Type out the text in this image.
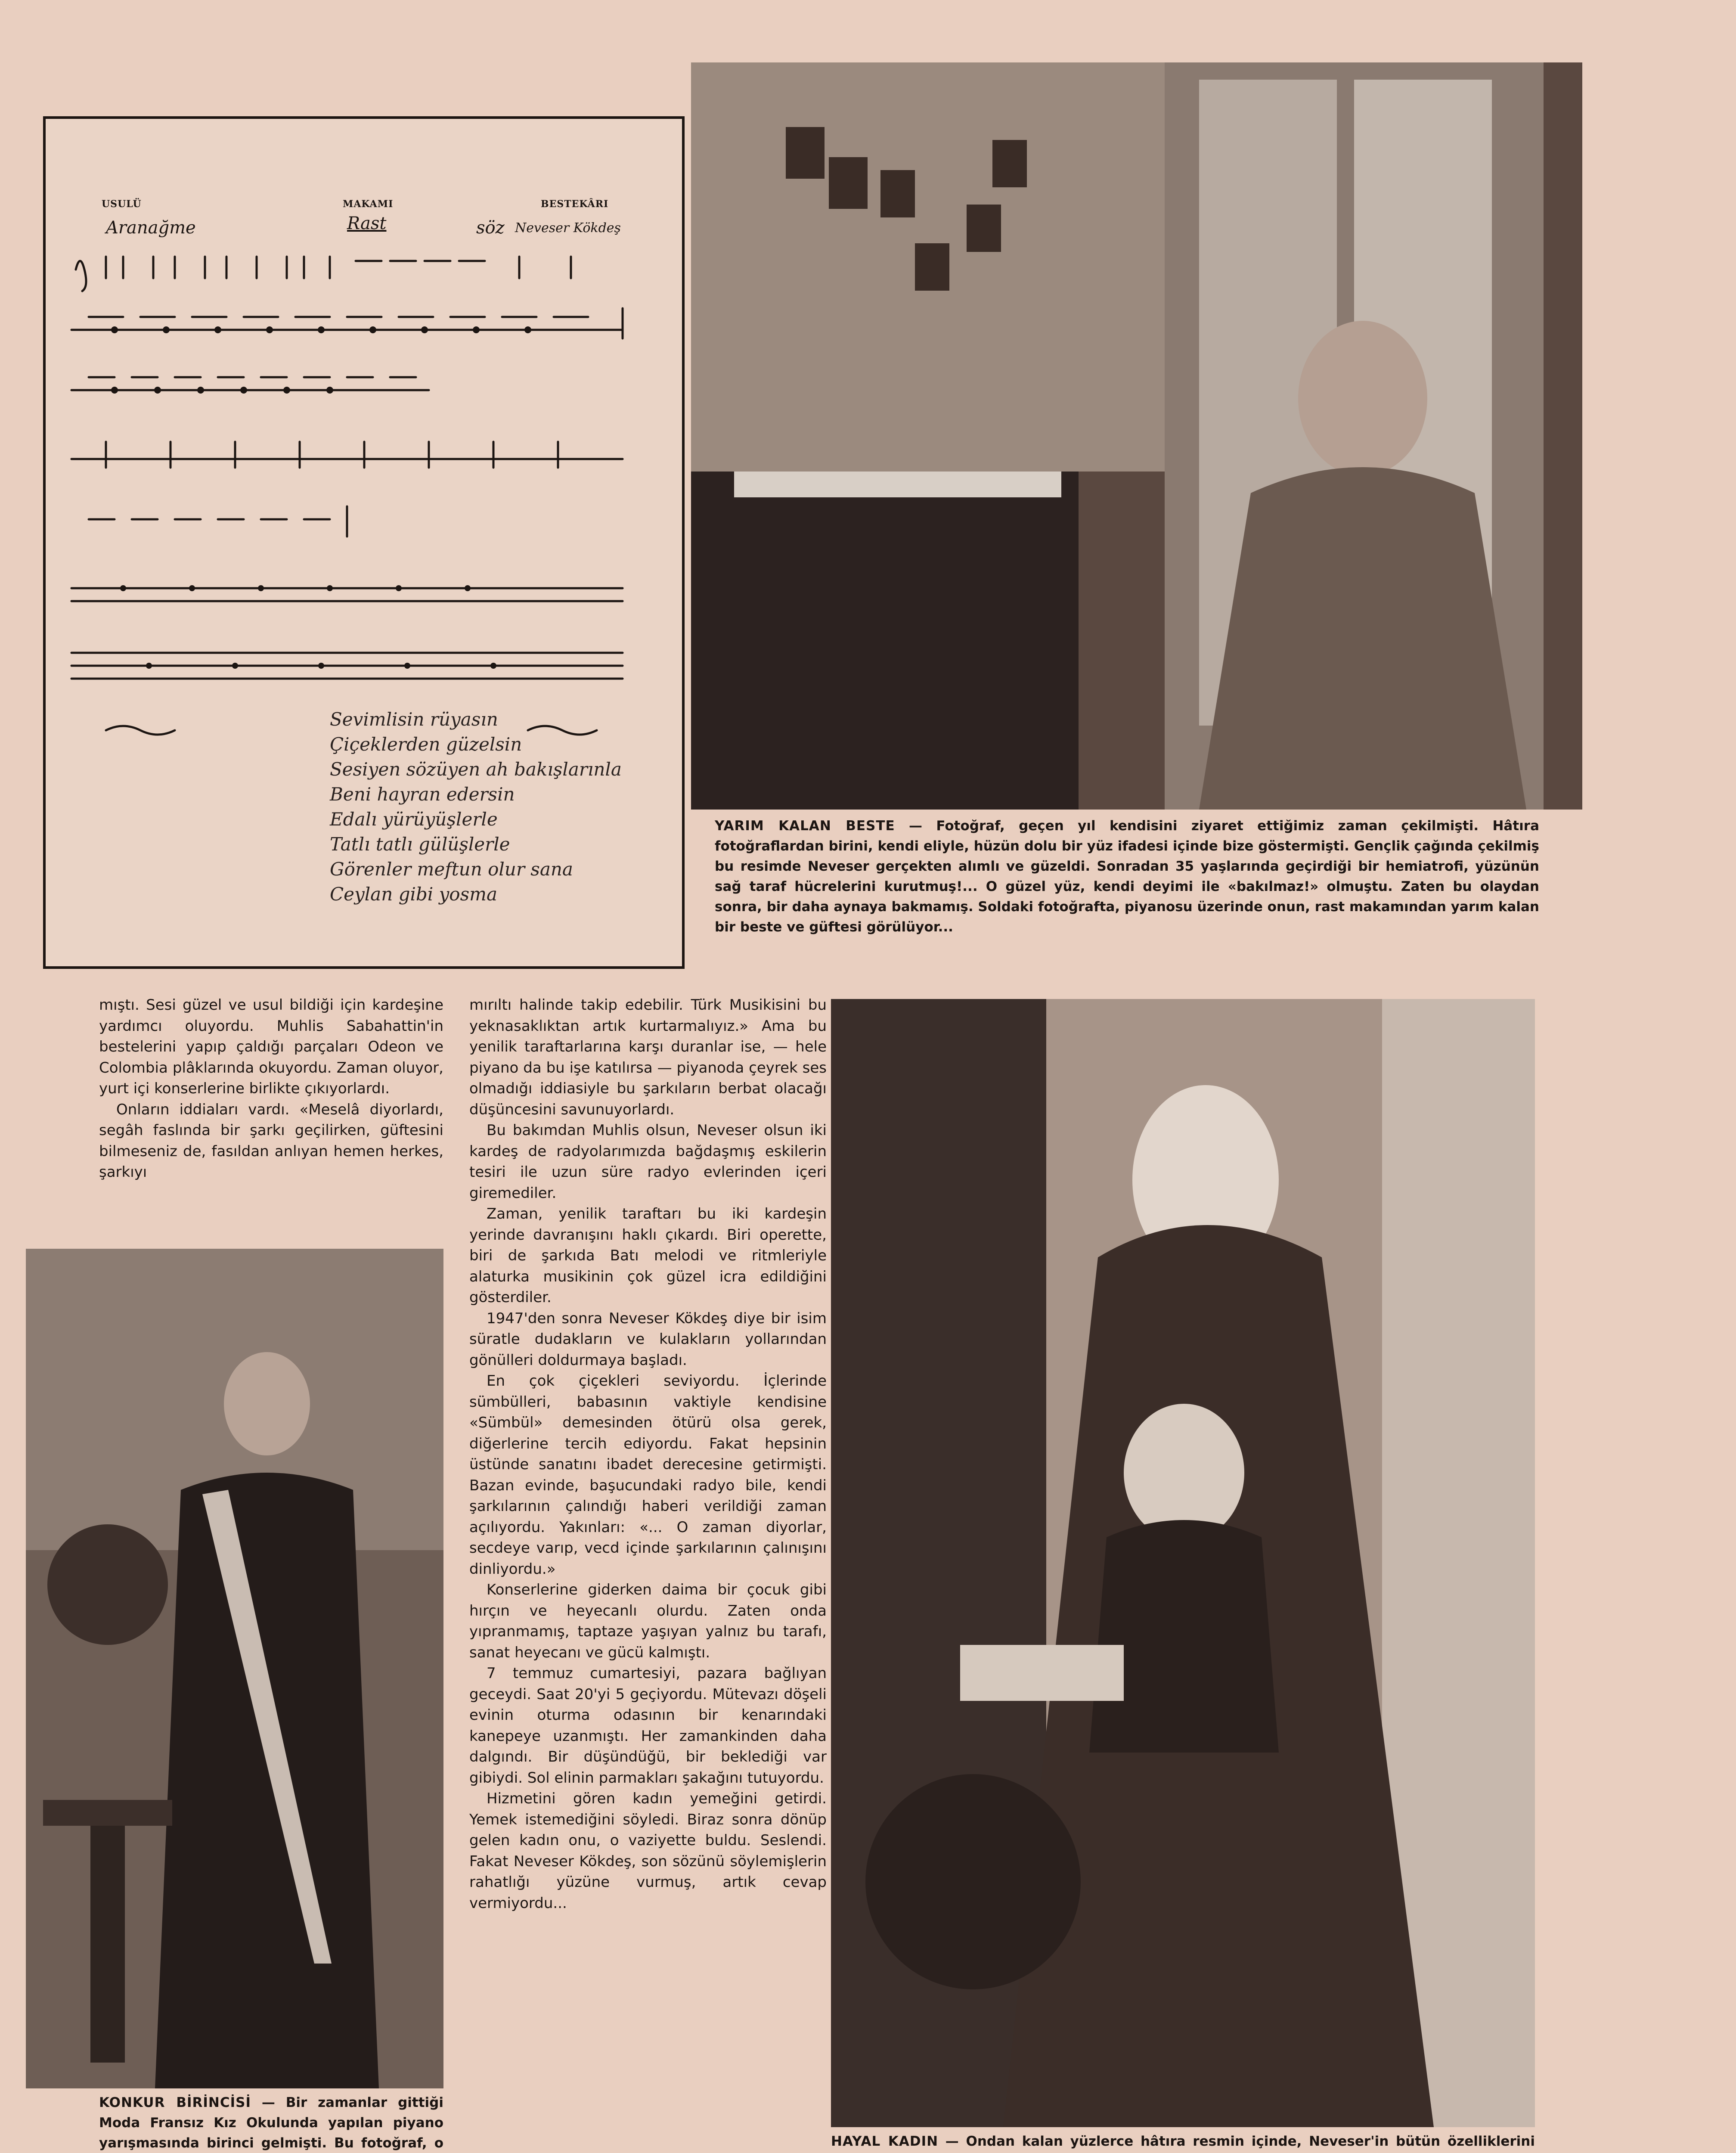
USULÜ	MAKAMI	BESTEKÂRI
Aranağme	Rast	söz Neveser Kökdeş
Sevimlisin rüyasın
Çiçeklerden güzelsin
Sesiyen sözüyen ah bakışlarınla
Beni hayran edersin
Edalı yürüyüşlerle
Tatlı tatlı gülüşlerle
Görenler meftun olur sana
Ceylan gibi yosma
YARIM KALAN BESTE — Fotoğraf, geçen yıl kendisini ziyaret ettiğimiz zaman çekilmişti. Hâtıra fotoğraflardan birini, kendi eliyle, hüzün dolu bir yüz ifadesi içinde bize göstermişti. Gençlik çağında çekilmiş bu resimde Neveser gerçekten alımlı ve güzeldi. Sonradan 35 yaşlarında geçirdiği bir hemiatrofi, yüzünün sağ taraf hücrelerini kurutmuş!... O güzel yüz, kendi deyimi ile «bakılmaz!» olmuştu. Zaten bu olaydan sonra, bir daha aynaya bakmamış. Soldaki fotoğrafta, piyanosu üzerinde onun, rast makamından yarım kalan bir beste ve güftesi görülüyor...

mıştı. Sesi güzel ve usul bildiği için kardeşine yardımcı oluyordu. Muhlis Sabahattin'in bestelerini yapıp çaldığı parçaları Odeon ve Colombia plâklarında okuyordu. Zaman oluyor, yurt içi konserlerine birlikte çıkıyorlardı.

Onların iddiaları vardı. «Meselâ diyorlardı, segâh faslında bir şarkı geçilirken, güftesini bilmeseniz de, fasıldan anlıyan hemen herkes, şarkıyı

KONKUR BİRİNCİSİ — Bir zamanlar gittiği Moda Fransız Kız Okulunda yapılan piyano yarışmasında birinci gelmişti. Bu fotoğraf, o

mırıltı halinde takip edebilir. Türk Musikisini bu yeknasaklıktan artık kurtarmalıyız.» Ama bu yenilik taraftarlarına karşı duranlar ise, — hele piyano da bu işe katılırsa — piyanoda çeyrek ses olmadığı iddiasiyle bu şarkıların berbat olacağı düşüncesini savunuyorlardı.

Bu bakımdan Muhlis olsun, Neveser olsun iki kardeş de radyolarımızda bağdaşmış eskilerin tesiri ile uzun süre radyo evlerinden içeri giremediler.

Zaman, yenilik taraftarı bu iki kardeşin yerinde davranışını haklı çıkardı. Biri operette, biri de şarkıda Batı melodi ve ritmleriyle alaturka musikinin çok güzel icra edildiğini gösterdiler.

1947'den sonra Neveser Kökdeş diye bir isim süratle dudakların ve kulakların yollarından gönülleri doldurmaya başladı.

En çok çiçekleri seviyordu. İçlerinde sümbülleri, babasının vaktiyle kendisine «Sümbül» demesinden ötürü olsa gerek, diğerlerine tercih ediyordu. Fakat hepsinin üstünde sanatını ibadet derecesine getirmişti. Bazan evinde, başucundaki radyo bile, kendi şarkılarının çalındığı haberi verildiği zaman açılıyordu. Yakınları: «... O zaman diyorlar, secdeye varıp, vecd içinde şarkılarının çalınışını dinliyordu.»

Konserlerine giderken daima bir çocuk gibi hırçın ve heyecanlı olurdu. Zaten onda yıpranmamış, taptaze yaşıyan yalnız bu tarafı, sanat heyecanı ve gücü kalmıştı.

7 temmuz cumartesiyi, pazara bağlıyan geceydi. Saat 20'yi 5 geçiyordu. Mütevazı döşeli evinin oturma odasının bir kenarındaki kanepeye uzanmıştı. Her zamankinden daha dalgındı. Bir düşündüğü, bir beklediği var gibiydi. Sol elinin parmakları şakağını tutuyordu.

Hizmetini gören kadın yemeğini getirdi. Yemek istemediğini söyledi. Biraz sonra dönüp gelen kadın onu, o vaziyette buldu. Seslendi. Fakat Neveser Kökdeş, son sözünü söylemişlerin rahatlığı yüzüne vurmuş, artık cevap vermiyordu...

HAYAL KADIN — Ondan kalan yüzlerce hâtıra resmin içinde, Neveser'in bütün özelliklerini
